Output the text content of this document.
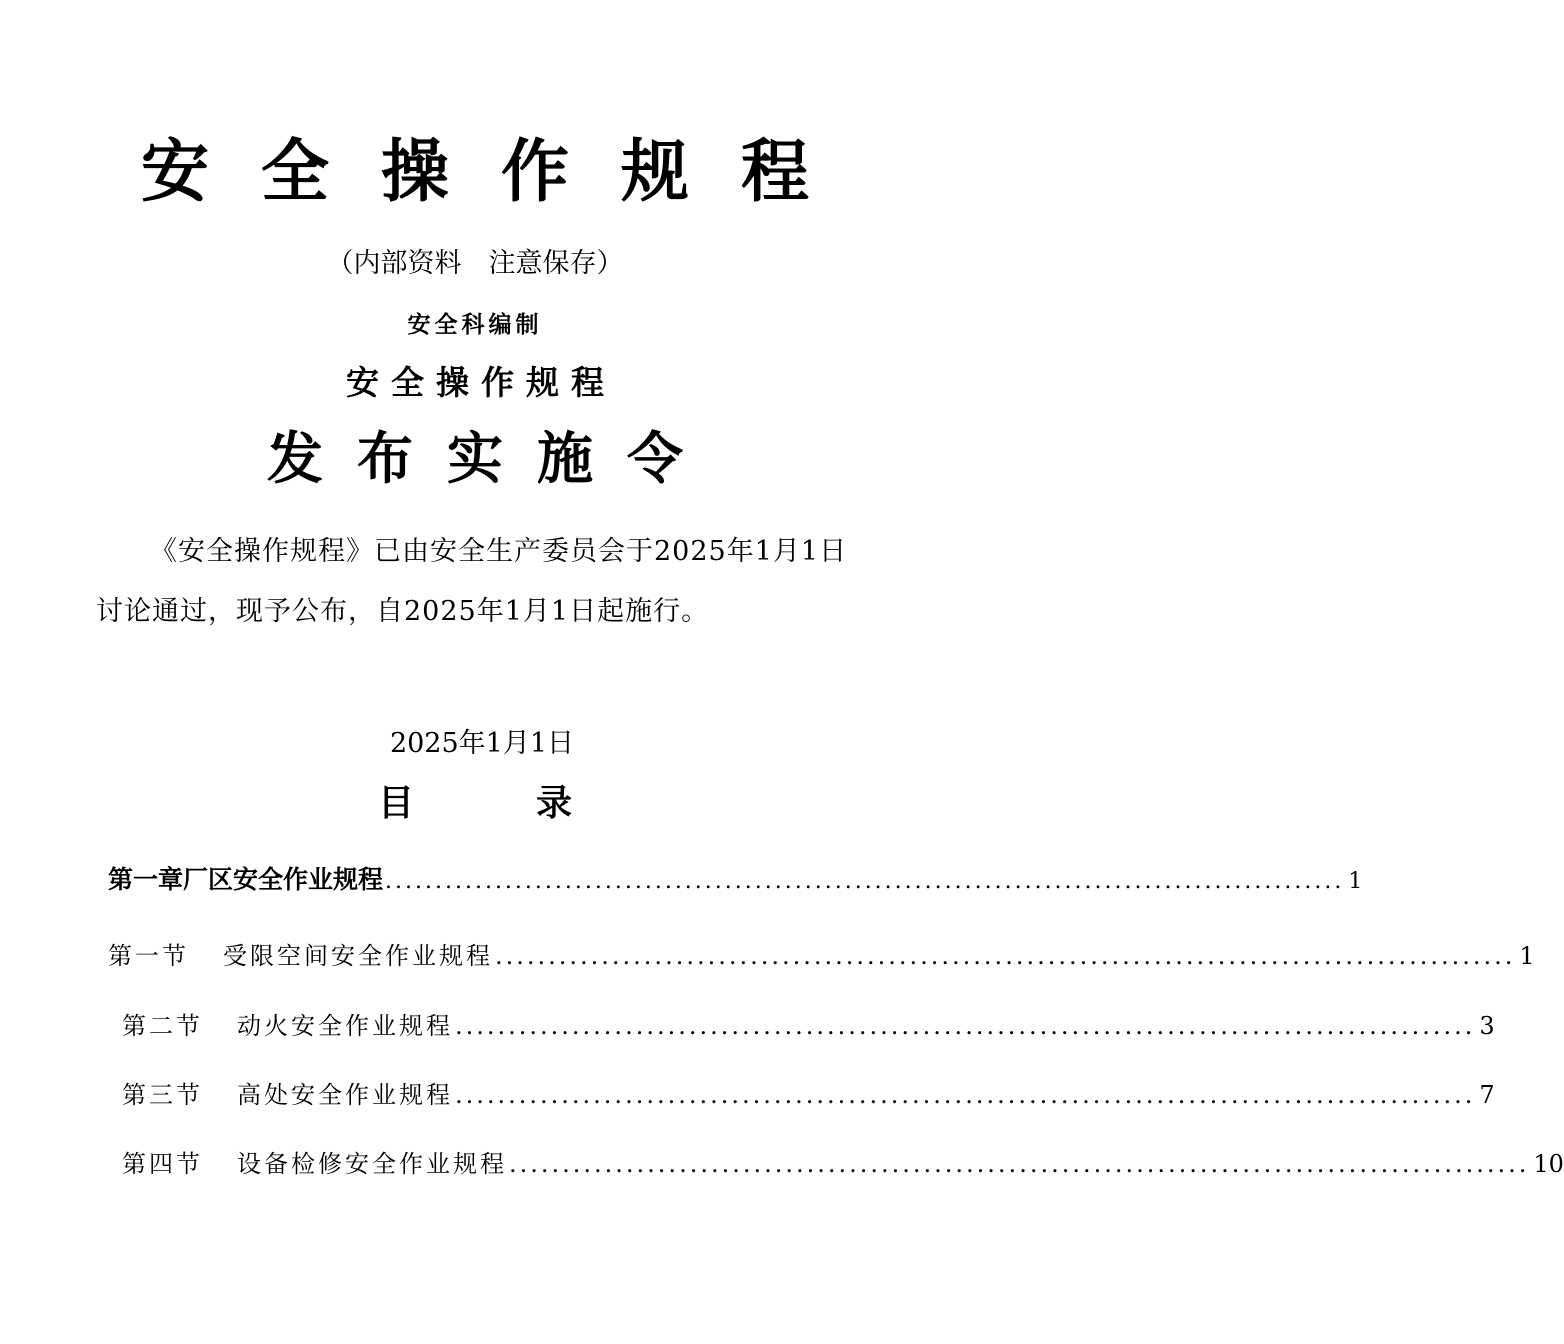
安全操作规程
（内部资料　注意保存）
安全科编制
安全操作规程
发布实施令
《安全操作规程》已由安全生产委员会于2025年1月1日讨论通过，现予公布，自2025年1月1日起施行。
2025年1月1日
目录
第一章厂区安全作业规程 ................................................................................................ 1
第一节 受限空间安全作业规程 ................................................................................................ 1
第二节 动火安全作业规程 ................................................................................................ 3
第三节 高处安全作业规程 ................................................................................................ 7
第四节 设备检修安全作业规程 ................................................................................................ 10
